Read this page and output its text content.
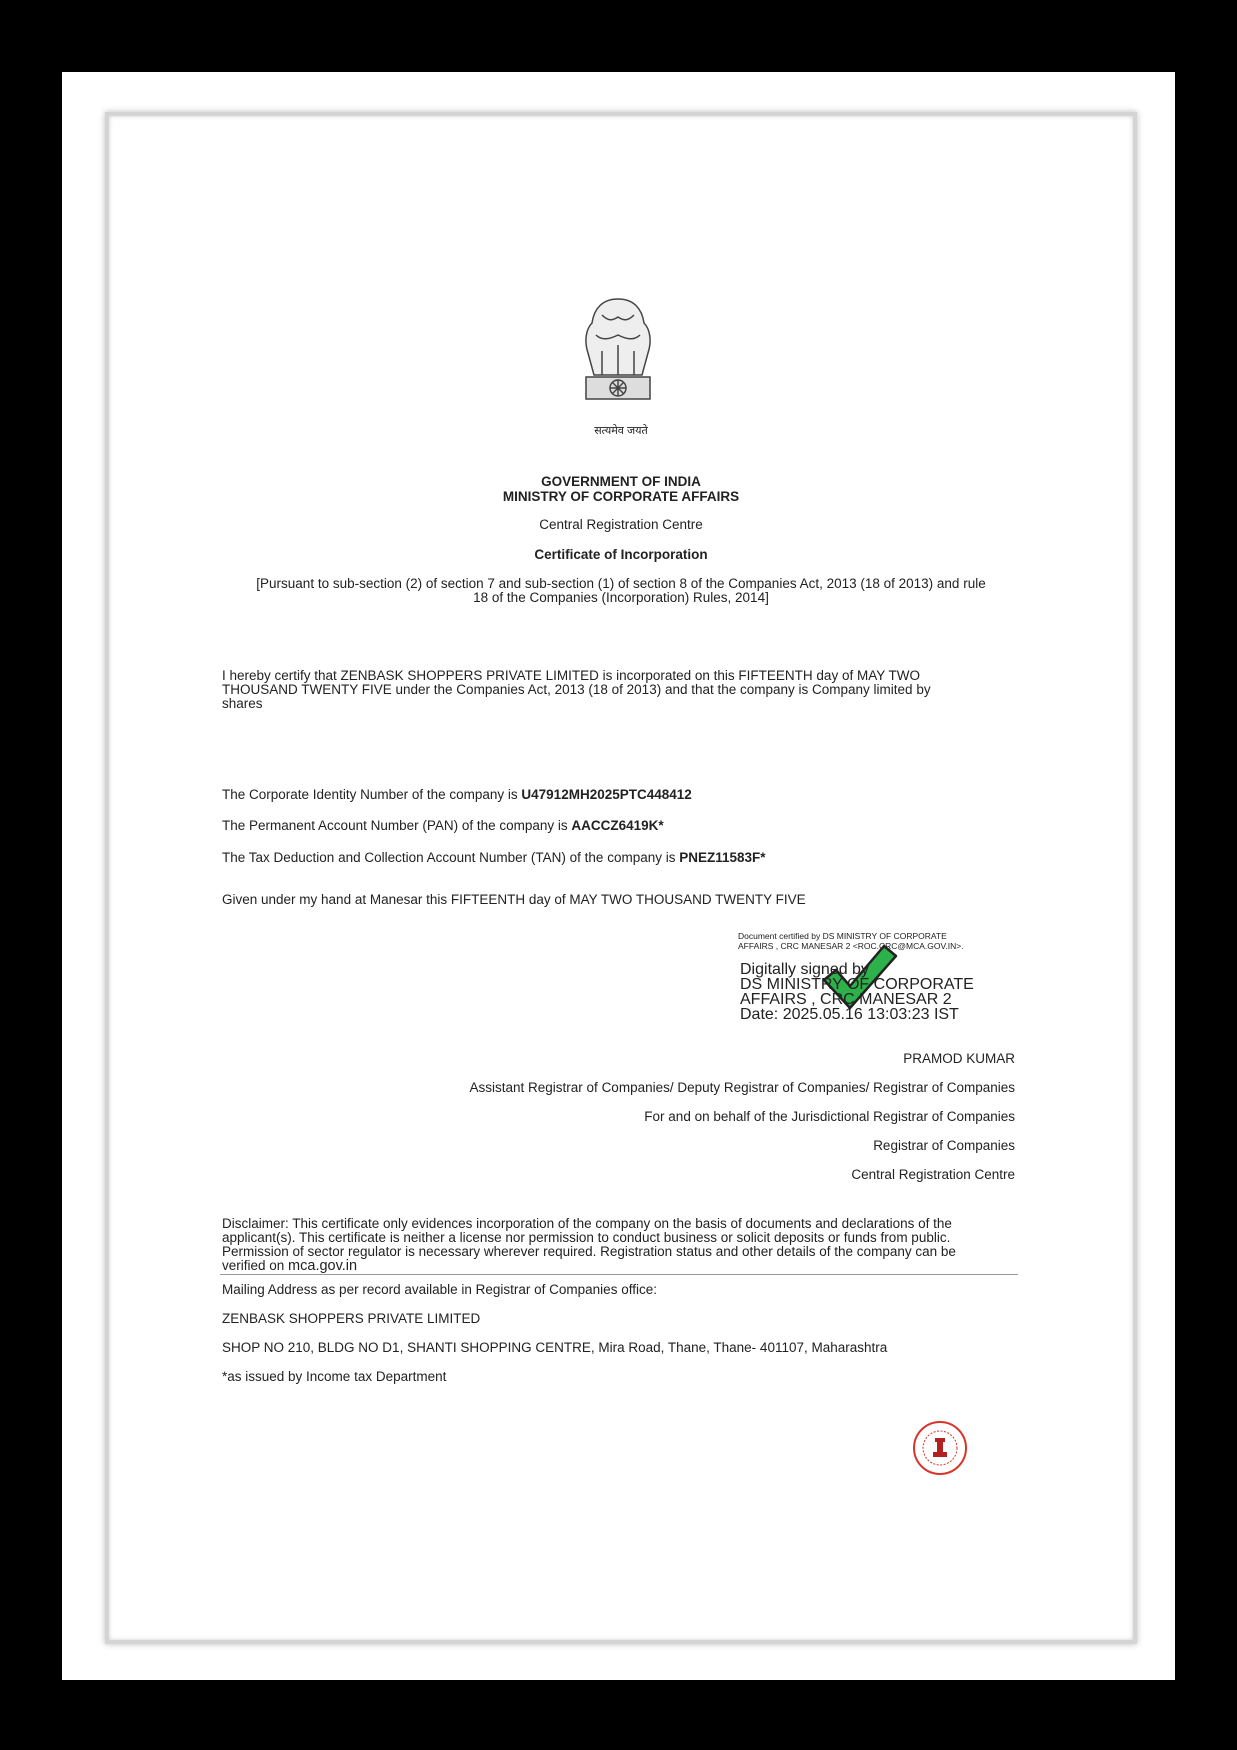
सत्यमेव जयते
GOVERNMENT OF INDIA
MINISTRY OF CORPORATE AFFAIRS
Central Registration Centre
Certificate of Incorporation
[Pursuant to sub-section (2) of section 7 and sub-section (1) of section 8 of the Companies Act, 2013 (18 of 2013) and rule
18 of the Companies (Incorporation) Rules, 2014]
I hereby certify that ZENBASK SHOPPERS PRIVATE LIMITED is incorporated on this FIFTEENTH day of MAY TWO
THOUSAND TWENTY FIVE under the Companies Act, 2013 (18 of 2013) and that the company is Company limited by
shares
The Corporate Identity Number of the company is U47912MH2025PTC448412
The Permanent Account Number (PAN) of the company is AACCZ6419K*
The Tax Deduction and Collection Account Number (TAN) of the company is PNEZ11583F*
Given under my hand at Manesar this FIFTEENTH day of MAY TWO THOUSAND TWENTY FIVE
Document certified by DS MINISTRY OF CORPORATE
AFFAIRS , CRC MANESAR 2 <ROC.CRC@MCA.GOV.IN>.
Digitally signed by
DS MINISTRY OF CORPORATE
AFFAIRS , CRC MANESAR 2
Date: 2025.05.16 13:03:23 IST
PRAMOD KUMAR
Assistant Registrar of Companies/ Deputy Registrar of Companies/ Registrar of Companies
For and on behalf of the Jurisdictional Registrar of Companies
Registrar of Companies
Central Registration Centre
Disclaimer: This certificate only evidences incorporation of the company on the basis of documents and declarations of the
applicant(s). This certificate is neither a license nor permission to conduct business or solicit deposits or funds from public.
Permission of sector regulator is necessary wherever required. Registration status and other details of the company can be
verified on mca.gov.in
Mailing Address as per record available in Registrar of Companies office:
ZENBASK SHOPPERS PRIVATE LIMITED
SHOP NO 210, BLDG NO D1, SHANTI SHOPPING CENTRE, Mira Road, Thane, Thane- 401107, Maharashtra
*as issued by Income tax Department
